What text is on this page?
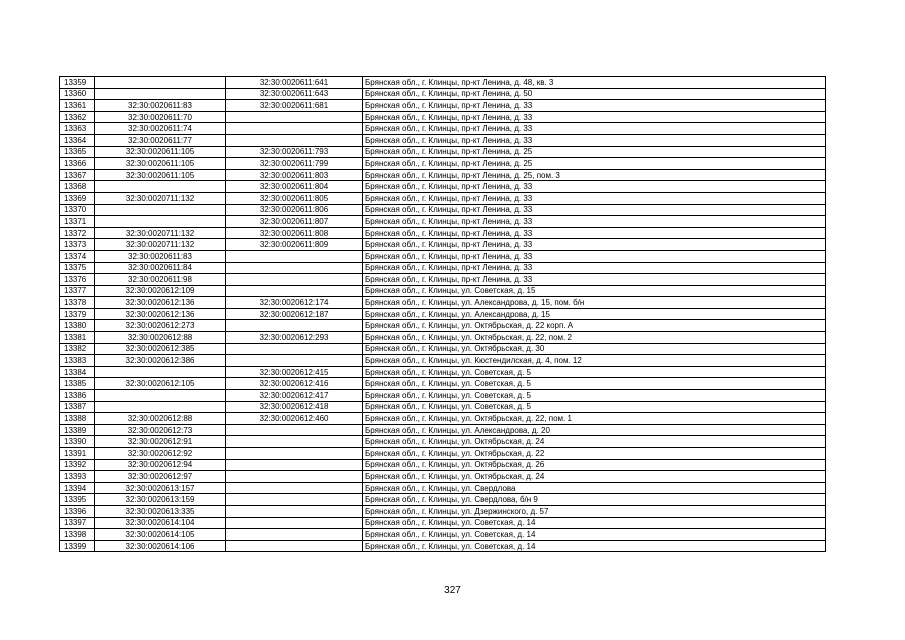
13359		32:30:0020611:641	Брянская обл., г. Клинцы, пр-кт Ленина, д. 48, кв. 3
13360		32:30:0020611:643	Брянская обл., г. Клинцы, пр-кт Ленина, д. 50
13361	32:30:0020611:83	32:30:0020611:681	Брянская обл., г. Клинцы, пр-кт Ленина, д. 33
13362	32:30:0020611:70		Брянская обл., г. Клинцы, пр-кт Ленина, д. 33
13363	32:30:0020611:74		Брянская обл., г. Клинцы, пр-кт Ленина, д. 33
13364	32:30:0020611:77		Брянская обл., г. Клинцы, пр-кт Ленина, д. 33
13365	32:30:0020611:105	32:30:0020611:793	Брянская обл., г. Клинцы, пр-кт Ленина, д. 25
13366	32:30:0020611:105	32:30:0020611:799	Брянская обл., г. Клинцы, пр-кт Ленина, д. 25
13367	32:30:0020611:105	32:30:0020611:803	Брянская обл., г. Клинцы, пр-кт Ленина, д. 25, пом. 3
13368		32:30:0020611:804	Брянская обл., г. Клинцы, пр-кт Ленина, д. 33
13369	32:30:0020711:132	32:30:0020611:805	Брянская обл., г. Клинцы, пр-кт Ленина, д. 33
13370		32:30:0020611:806	Брянская обл., г. Клинцы, пр-кт Ленина, д. 33
13371		32:30:0020611:807	Брянская обл., г. Клинцы, пр-кт Ленина, д. 33
13372	32:30:0020711:132	32:30:0020611:808	Брянская обл., г. Клинцы, пр-кт Ленина, д. 33
13373	32:30:0020711:132	32:30:0020611:809	Брянская обл., г. Клинцы, пр-кт Ленина, д. 33
13374	32:30:0020611:83		Брянская обл., г. Клинцы, пр-кт Ленина, д. 33
13375	32:30:0020611:84		Брянская обл., г. Клинцы, пр-кт Ленина, д. 33
13376	32:30:0020611:98		Брянская обл., г. Клинцы, пр-кт Ленина, д. 33
13377	32:30:0020612:109		Брянская обл., г. Клинцы, ул. Советская, д. 15
13378	32:30:0020612:136	32:30:0020612:174	Брянская обл., г. Клинцы, ул. Александрова, д. 15, пом. б/н
13379	32:30:0020612:136	32:30:0020612:187	Брянская обл., г. Клинцы, ул. Александрова, д. 15
13380	32:30:0020612:273		Брянская обл., г. Клинцы, ул. Октябрьская, д. 22 корп. А
13381	32:30:0020612:88	32:30:0020612:293	Брянская обл., г. Клинцы, ул. Октябрьская, д. 22, пом. 2
13382	32:30:0020612:385		Брянская обл., г. Клинцы, ул. Октябрьская, д. 30
13383	32:30:0020612:386		Брянская обл., г. Клинцы, ул. Кюстендилская, д. 4, пом. 12
13384		32:30:0020612:415	Брянская обл., г. Клинцы, ул. Советская, д. 5
13385	32:30:0020612:105	32:30:0020612:416	Брянская обл., г. Клинцы, ул. Советская, д. 5
13386		32:30:0020612:417	Брянская обл., г. Клинцы, ул. Советская, д. 5
13387		32:30:0020612:418	Брянская обл., г. Клинцы, ул. Советская, д. 5
13388	32:30:0020612:88	32:30:0020612:460	Брянская обл., г. Клинцы, ул. Октябрьская, д. 22, пом. 1
13389	32:30:0020612:73		Брянская обл., г. Клинцы, ул. Александрова, д. 20
13390	32:30:0020612:91		Брянская обл., г. Клинцы, ул. Октябрьская, д. 24
13391	32:30:0020612:92		Брянская обл., г. Клинцы, ул. Октябрьская, д. 22
13392	32:30:0020612:94		Брянская обл., г. Клинцы, ул. Октябрьская, д. 26
13393	32:30:0020612:97		Брянская обл., г. Клинцы, ул. Октябрьская, д. 24
13394	32:30:0020613:157		Брянская обл., г. Клинцы, ул. Свердлова
13395	32:30:0020613:159		Брянская обл., г. Клинцы, ул. Свердлова, б/н 9
13396	32:30:0020613:335		Брянская обл., г. Клинцы, ул. Дзержинского, д. 57
13397	32:30:0020614:104		Брянская обл., г. Клинцы, ул. Советская, д. 14
13398	32:30:0020614:105		Брянская обл., г. Клинцы, ул. Советская, д. 14
13399	32:30:0020614:106		Брянская обл., г. Клинцы, ул. Советская, д. 14
327
